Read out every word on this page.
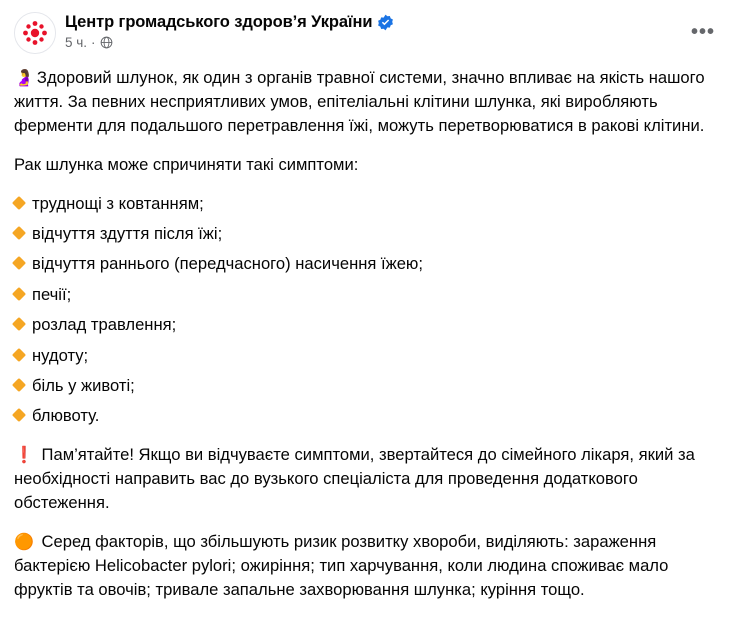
Центр громадського здоров’я України
5 ч. ·	•••

🤰 Здоровий шлунок, як один з органів травної системи, значно впливає на якість нашого життя. За певних несприятливих умов, епітеліальні клітини шлунка, які виробляють ферменти для подальшого перетравлення їжі, можуть перетворюватися в ракові клітини.

Рак шлунка може спричиняти такі симптоми:

труднощі з ковтанням;
відчуття здуття після їжі;
відчуття раннього (передчасного) насичення їжею;
печії;
розлад травлення;
нудоту;
біль у животі;
блювоту.

❗ Пам’ятайте! Якщо ви відчуваєте симптоми, звертайтеся до сімейного лікаря, який за необхідності направить вас до вузького спеціаліста для проведення додаткового обстеження.

🟠 Серед факторів, що збільшують ризик розвитку хвороби, виділяють: зараження бактерією Helicobacter pylori; ожиріння; тип харчування, коли людина споживає мало фруктів та овочів; тривале запальне захворювання шлунка; куріння тощо.
